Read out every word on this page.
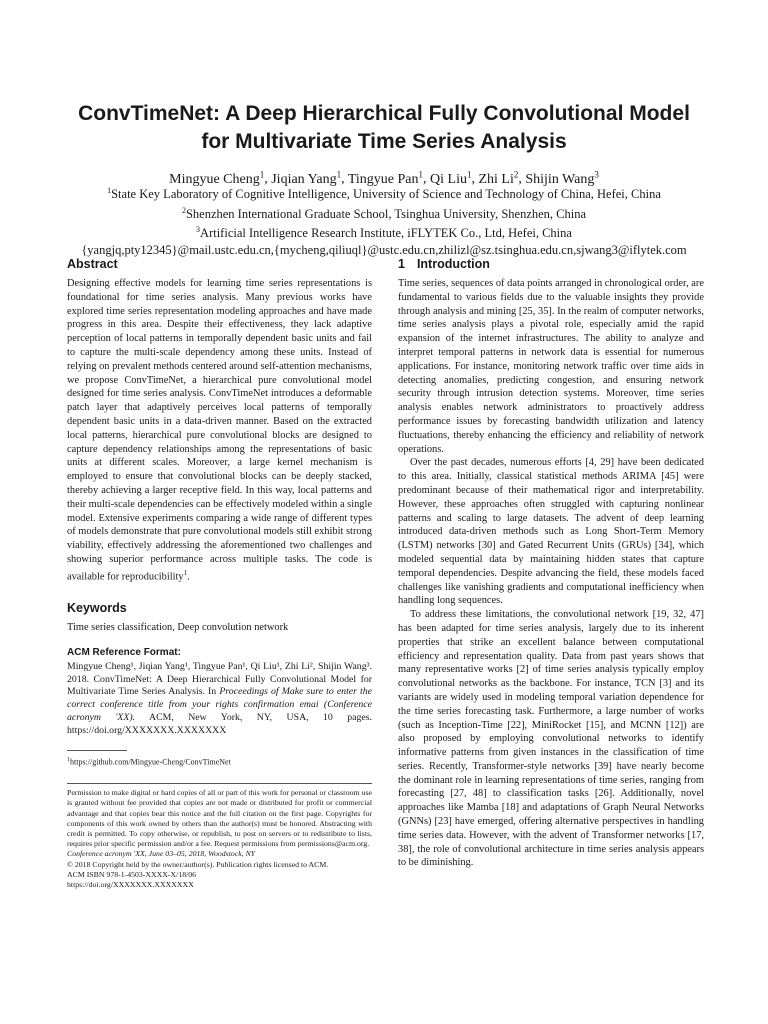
ConvTimeNet: A Deep Hierarchical Fully Convolutional Model
for Multivariate Time Series Analysis
Mingyue Cheng$^1$, Jiqian Yang$^1$, Tingyue Pan$^1$, Qi Liu$^1$, Zhi Li$^2$, Shijin Wang$^3$
$^1$State Key Laboratory of Cognitive Intelligence, University of Science and Technology of China, Hefei, China
$^2$Shenzhen International Graduate School, Tsinghua University, Shenzhen, China
$^3$Artificial Intelligence Research Institute, iFLYTEK Co., Ltd, Hefei, China
{yangjq,pty12345}@mail.ustc.edu.cn,{mycheng,qiliuql}@ustc.edu.cn,zhilizl@sz.tsinghua.edu.cn,sjwang3@iflytek.com
Abstract

Designing effective models for learning time series representations is foundational for time series analysis. Many previous works have explored time series representation modeling approaches and have made progress in this area. Despite their effectiveness, they lack adaptive perception of local patterns in temporally dependent basic units and fail to capture the multi-scale dependency among these units. Instead of relying on prevalent methods centered around self-attention mechanisms, we propose ConvTimeNet, a hierarchical pure convolutional model designed for time series analysis. ConvTimeNet introduces a deformable patch layer that adaptively perceives local patterns of temporally dependent basic units in a data-driven manner. Based on the extracted local patterns, hierarchical pure convolutional blocks are designed to capture dependency relationships among the representations of basic units at different scales. Moreover, a large kernel mechanism is employed to ensure that convolutional blocks can be deeply stacked, thereby achieving a larger receptive field. In this way, local patterns and their multi-scale dependencies can be effectively modeled within a single model. Extensive experiments comparing a wide range of different types of models demonstrate that pure convolutional models still exhibit strong viability, effectively addressing the aforementioned two challenges and showing superior performance across multiple tasks. The code is available for reproducibility$^1$.

Keywords

Time series classification, Deep convolution network

ACM Reference Format:

Mingyue Cheng¹, Jiqian Yang¹, Tingyue Pan¹, Qi Liu¹, Zhi Li², Shijin Wang³. 2018. ConvTimeNet: A Deep Hierarchical Fully Convolutional Model for Multivariate Time Series Analysis. In Proceedings of Make sure to enter the correct conference title from your rights confirmation emai (Conference acronym 'XX). ACM, New York, NY, USA, 10 pages. https://doi.org/XXXXXXX.XXXXXXX

$^1$https://github.com/Mingyue-Cheng/ConvTimeNet

Permission to make digital or hard copies of all or part of this work for personal or classroom use is granted without fee provided that copies are not made or distributed for profit or commercial advantage and that copies bear this notice and the full citation on the first page. Copyrights for components of this work owned by others than the author(s) must be honored. Abstracting with credit is permitted. To copy otherwise, or republish, to post on servers or to redistribute to lists, requires prior specific permission and/or a fee. Request permissions from permissions@acm.org.

Conference acronym 'XX, June 03–05, 2018, Woodstock, NY
© 2018 Copyright held by the owner/author(s). Publication rights licensed to ACM.
ACM ISBN 978-1-4503-XXXX-X/18/06
https://doi.org/XXXXXXX.XXXXXXX
1 Introduction

Time series, sequences of data points arranged in chronological order, are fundamental to various fields due to the valuable insights they provide through analysis and mining [25, 35]. In the realm of computer networks, time series analysis plays a pivotal role, especially amid the rapid expansion of the internet infrastructures. The ability to analyze and interpret temporal patterns in network data is essential for numerous applications. For instance, monitoring network traffic over time aids in detecting anomalies, predicting congestion, and ensuring network security through intrusion detection systems. Moreover, time series analysis enables network administrators to proactively address performance issues by forecasting bandwidth utilization and latency fluctuations, thereby enhancing the efficiency and reliability of network operations.

Over the past decades, numerous efforts [4, 29] have been dedicated to this area. Initially, classical statistical methods ARIMA [45] were predominant because of their mathematical rigor and interpretability. However, these approaches often struggled with capturing nonlinear patterns and scaling to large datasets. The advent of deep learning introduced data-driven methods such as Long Short-Term Memory (LSTM) networks [30] and Gated Recurrent Units (GRUs) [34], which modeled sequential data by maintaining hidden states that capture temporal dependencies. Despite advancing the field, these models faced challenges like vanishing gradients and computational inefficiency when handling long sequences.

To address these limitations, the convolutional network [19, 32, 47] has been adapted for time series analysis, largely due to its inherent properties that strike an excellent balance between computational efficiency and representation quality. Data from past years shows that many representative works [2] of time series analysis typically employ convolutional networks as the backbone. For instance, TCN [3] and its variants are widely used in modeling temporal variation dependence for the time series forecasting task. Furthermore, a large number of works (such as Inception-Time [22], MiniRocket [15], and MCNN [12]) are also proposed by employing convolutional networks to identify informative patterns from given instances in the classification of time series. Recently, Transformer-style networks [39] have nearly become the dominant role in learning representations of time series, ranging from forecasting [27, 48] to classification tasks [26]. Additionally, novel approaches like Mamba [18] and adaptations of Graph Neural Networks (GNNs) [23] have emerged, offering alternative perspectives in handling time series data. However, with the advent of Transformer networks [17, 38], the role of convolutional architecture in time series analysis appears to be diminishing.
